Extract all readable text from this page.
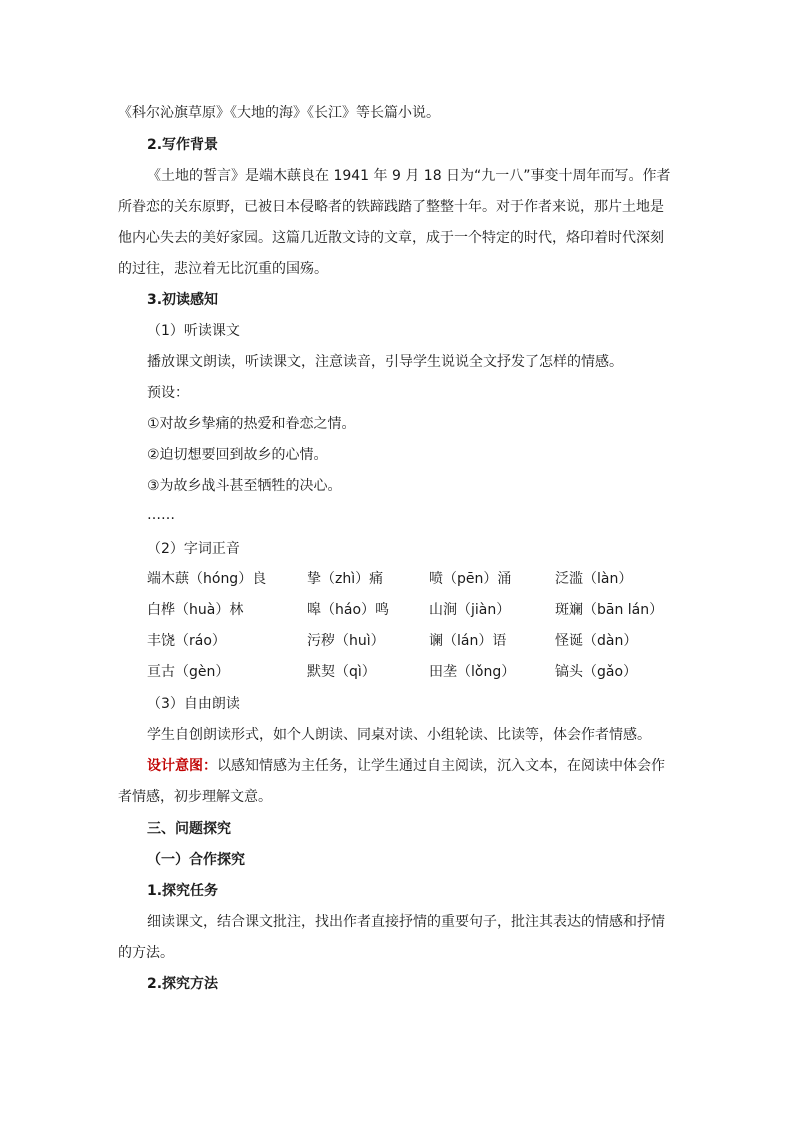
《科尔沁旗草原》《大地的海》《长江》等长篇小说。
2.写作背景
《土地的誓言》是端木蕻良在 1941 年 9 月 18 日为“九一八”事变十周年而写。作者
所眷恋的关东原野，已被日本侵略者的铁蹄践踏了整整十年。对于作者来说，那片土地是
他内心失去的美好家园。这篇几近散文诗的文章，成于一个特定的时代，烙印着时代深刻
的过往，悲泣着无比沉重的国殇。
3.初读感知
（1）听读课文
播放课文朗读，听读课文，注意读音，引导学生说说全文抒发了怎样的情感。
预设：
①对故乡挚痛的热爱和眷恋之情。
②迫切想要回到故乡的心情。
③为故乡战斗甚至牺牲的决心。
……
（2）字词正音
端木蕻（hóng）良	挚（zhì）痛	喷（pēn）涌	泛滥（làn）
白桦（huà）林	嗥（háo）鸣	山涧（jiàn）	斑斓（bān lán）
丰饶（ráo）	污秽（huì）	谰（lán）语	怪诞（dàn）
亘古（gèn）	默契（qì）	田垄（lǒng）	镐头（gǎo）
（3）自由朗读
学生自创朗读形式，如个人朗读、同桌对读、小组轮读、比读等，体会作者情感。
设计意图：以感知情感为主任务，让学生通过自主阅读，沉入文本，在阅读中体会作
者情感，初步理解文意。
三、问题探究
（一）合作探究
1.探究任务
细读课文，结合课文批注，找出作者直接抒情的重要句子，批注其表达的情感和抒情
的方法。
2.探究方法
